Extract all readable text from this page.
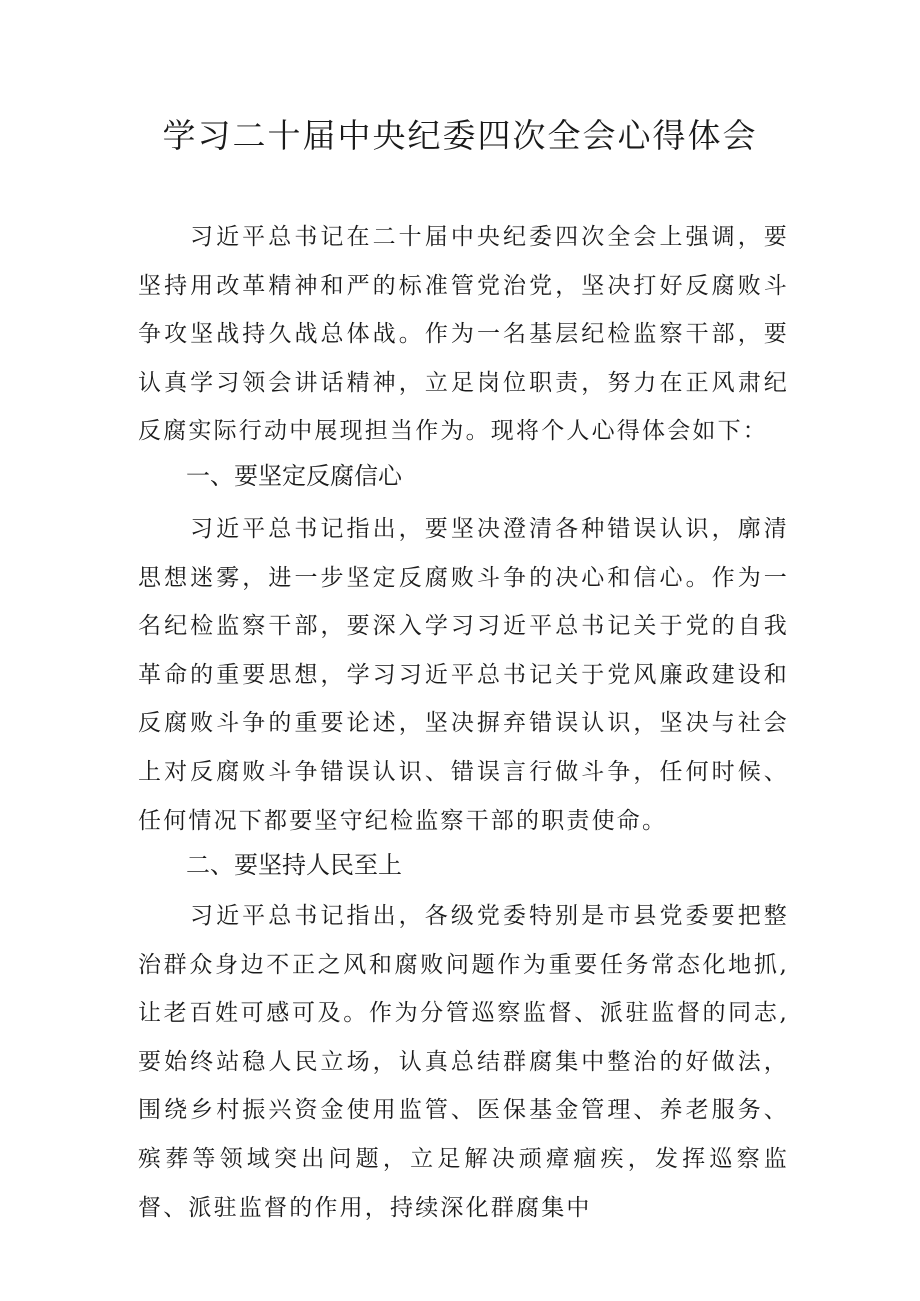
学习二十届中央纪委四次全会心得体会

习近平总书记在二十届中央纪委四次全会上强调，要坚持用改革精神和严的标准管党治党，坚决打好反腐败斗争攻坚战持久战总体战。作为一名基层纪检监察干部，要认真学习领会讲话精神，立足岗位职责，努力在正风肃纪反腐实际行动中展现担当作为。现将个人心得体会如下：

一、要坚定反腐信心

习近平总书记指出，要坚决澄清各种错误认识，廓清思想迷雾，进一步坚定反腐败斗争的决心和信心。作为一名纪检监察干部，要深入学习习近平总书记关于党的自我革命的重要思想，学习习近平总书记关于党风廉政建设和反腐败斗争的重要论述，坚决摒弃错误认识，坚决与社会上对反腐败斗争错误认识、错误言行做斗争，任何时候、任何情况下都要坚守纪检监察干部的职责使命。

二、要坚持人民至上

习近平总书记指出，各级党委特别是市县党委要把整治群众身边不正之风和腐败问题作为重要任务常态化地抓,让老百姓可感可及。作为分管巡察监督、派驻监督的同志,要始终站稳人民立场，认真总结群腐集中整治的好做法，围绕乡村振兴资金使用监管、医保基金管理、养老服务、殡葬等领域突出问题，立足解决顽瘴痼疾，发挥巡察监督、派驻监督的作用，持续深化群腐集中
